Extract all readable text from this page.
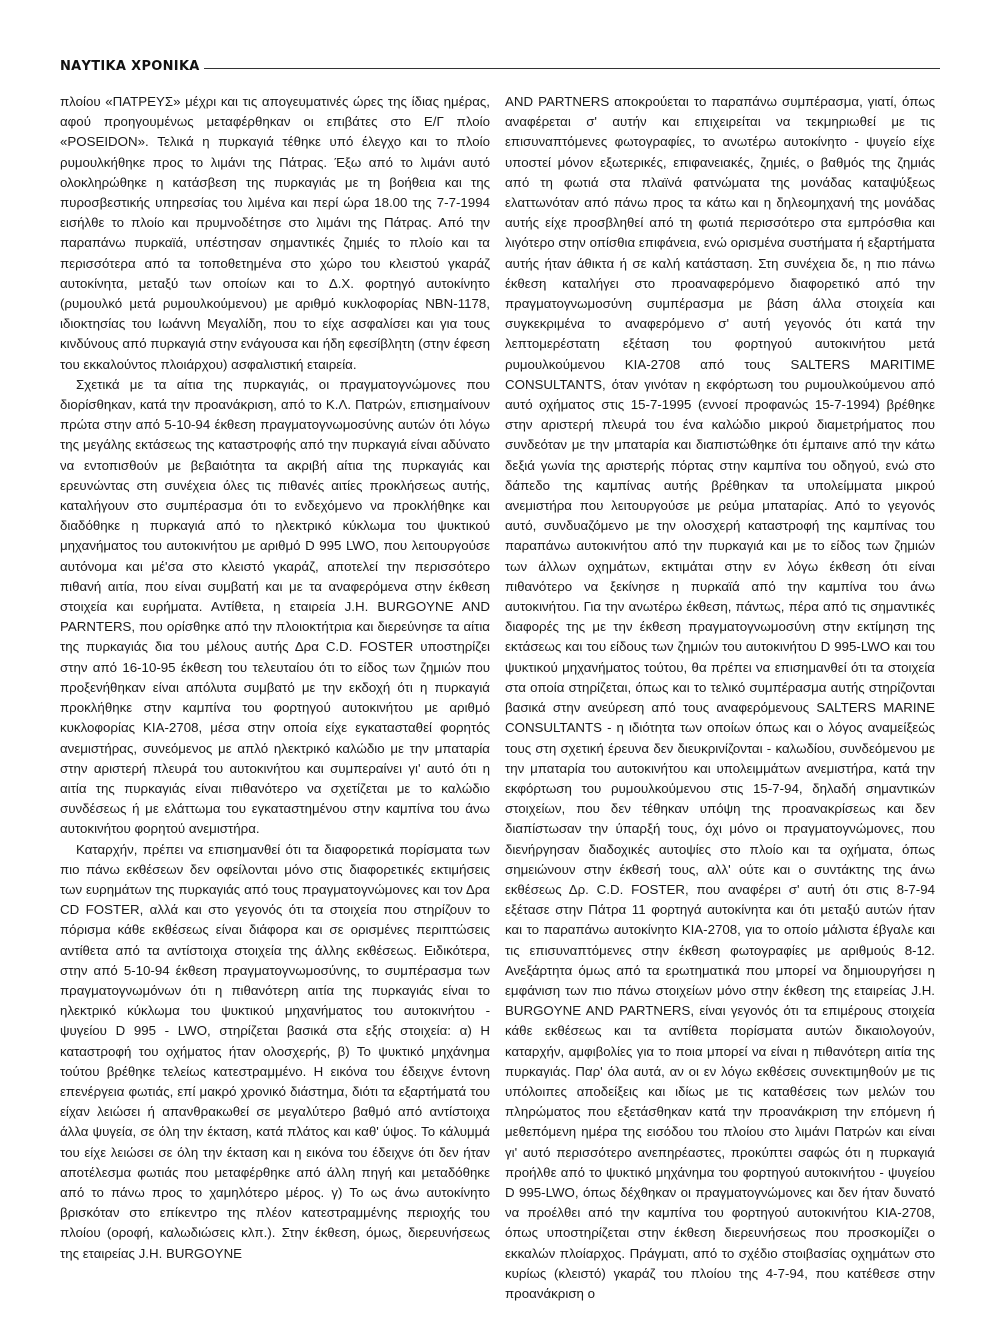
ΝΑΥΤΙΚΑ ΧΡΟΝΙΚΑ

πλοίου «ΠΑΤΡΕΥΣ» μέχρι και τις απογευματινές ώρες της ίδιας ημέρας, αφού προηγουμένως μεταφέρθηκαν οι επιβάτες στο Ε/Γ πλοίο «POSEIDON». Τελικά η πυρκαγιά τέθηκε υπό έλεγχο και το πλοίο ρυμουλκήθηκε προς το λιμάνι της Πάτρας. Έξω από το λιμάνι αυτό ολοκληρώθηκε η κατάσβεση της πυρκαγιάς με τη βοήθεια και της πυροσβεστικής υπηρεσίας του λιμένα και περί ώρα 18.00 της 7-7-1994 εισήλθε το πλοίο και πρυμνοδέτησε στο λιμάνι της Πάτρας. Από την παραπάνω πυρκαϊά, υπέστησαν σημαντικές ζημιές το πλοίο και τα περισσότερα από τα τοποθετημένα στο χώρο του κλειστού γκαράζ αυτοκίνητα, μεταξύ των οποίων και το Δ.Χ. φορτηγό αυτοκίνητο (ρυμουλκό μετά ρυμουλκούμενου) με αριθμό κυκλοφορίας NBN-1178, ιδιοκτησίας του Ιωάννη Μεγαλίδη, που το είχε ασφαλίσει και για τους κινδύνους από πυρκαγιά στην ενάγουσα και ήδη εφεσίβλητη (στην έφεση του εκκαλούντος πλοιάρχου) ασφαλιστική εταιρεία.

Σχετικά με τα αίτια της πυρκαγιάς, οι πραγματογνώμονες που διορίσθηκαν, κατά την προανάκριση, από το Κ.Λ. Πατρών, επισημαίνουν πρώτα στην από 5-10-94 έκθεση πραγματογνωμοσύνης αυτών ότι λόγω της μεγάλης εκτάσεως της καταστροφής από την πυρκαγιά είναι αδύνατο να εντοπισθούν με βεβαιότητα τα ακριβή αίτια της πυρκαγιάς και ερευνώντας στη συνέχεια όλες τις πιθανές αιτίες προκλήσεως αυτής, καταλήγουν στο συμπέρασμα ότι το ενδεχόμενο να προκλήθηκε και διαδόθηκε η πυρκαγιά από το ηλεκτρικό κύκλωμα του ψυκτικού μηχανήματος του αυτοκινήτου με αριθμό D 995 LWO, που λειτουργούσε αυτόνομα και μέ'σα στο κλειστό γκαράζ, αποτελεί την περισσότερο πιθανή αιτία, που είναι συμβατή και με τα αναφερόμενα στην έκθεση στοιχεία και ευρήματα. Αντίθετα, η εταιρεία J.H. BURGOYNE AND PARNTERS, που ορίσθηκε από την πλοιοκτήτρια και διερεύνησε τα αίτια της πυρκαγιάς δια του μέλους αυτής Δρα C.D. FOSTER υποστηρίζει στην από 16-10-95 έκθεση του τελευταίου ότι το είδος των ζημιών που προξενήθηκαν είναι απόλυτα συμβατό με την εκδοχή ότι η πυρκαγιά προκλήθηκε στην καμπίνα του φορτηγού αυτοκινήτου με αριθμό κυκλοφορίας KIA-2708, μέσα στην οποία είχε εγκατασταθεί φορητός ανεμιστήρας, συνεόμενος με απλό ηλεκτρικό καλώδιο με την μπαταρία στην αριστερή πλευρά του αυτοκινήτου και συμπεραίνει γι' αυτό ότι η αιτία της πυρκαγιάς είναι πιθανότερο να σχετίζεται με το καλώδιο συνδέσεως ή με ελάττωμα του εγκαταστημένου στην καμπίνα του άνω αυτοκινήτου φορητού ανεμιστήρα.

Καταρχήν, πρέπει να επισημανθεί ότι τα διαφορετικά πορίσματα των πιο πάνω εκθέσεων δεν οφείλονται μόνο στις διαφορετικές εκτιμήσεις των ευρημάτων της πυρκαγιάς από τους πραγματογνώμονες και τον Δρα CD FOSTER, αλλά και στο γεγονός ότι τα στοιχεία που στηρίζουν το πόρισμα κάθε εκθέσεως είναι διάφορα και σε ορισμένες περιπτώσεις αντίθετα από τα αντίστοιχα στοιχεία της άλλης εκθέσεως. Ειδικότερα, στην από 5-10-94 έκθεση πραγματογνωμοσύνης, το συμπέρασμα των πραγματογνωμόνων ότι η πιθανότερη αιτία της πυρκαγιάς είναι το ηλεκτρικό κύκλωμα του ψυκτικού μηχανήματος του αυτοκινήτου - ψυγείου D 995 - LWO, στηρίζεται βασικά στα εξής στοιχεία: α) Η καταστροφή του οχήματος ήταν ολοσχερής, β) Το ψυκτικό μηχάνημα τούτου βρέθηκε τελείως κατεστραμμένο. Η εικόνα του έδειχνε έντονη επενέργεια φωτιάς, επί μακρό χρονικό διάστημα, διότι τα εξαρτήματά του είχαν λειώσει ή απανθρακωθεί σε μεγαλύτερο βαθμό από αντίστοιχα άλλα ψυγεία, σε όλη την έκταση, κατά πλάτος και καθ' ύψος. Το κάλυμμά του είχε λειώσει σε όλη την έκταση και η εικόνα του έδειχνε ότι δεν ήταν αποτέλεσμα φωτιάς που μεταφέρθηκε από άλλη πηγή και μεταδόθηκε από το πάνω προς το χαμηλότερο μέρος. γ) Το ως άνω αυτοκίνητο βρισκόταν στο επίκεντρο της πλέον κατεστραμμένης περιοχής του πλοίου (οροφή, καλωδιώσεις κλπ.). Στην έκθεση, όμως, διερευνήσεως της εταιρείας J.H. BURGOYNE

AND PARTNERS αποκρούεται το παραπάνω συμπέρασμα, γιατί, όπως αναφέρεται σ' αυτήν και επιχειρείται να τεκμηριωθεί με τις επισυναπτόμενες φωτογραφίες, το ανωτέρω αυτοκίνητο - ψυγείο είχε υποστεί μόνον εξωτερικές, επιφανειακές, ζημιές, ο βαθμός της ζημιάς από τη φωτιά στα πλαϊνά φατνώματα της μονάδας καταψύξεως ελαττωνόταν από πάνω προς τα κάτω και η δηλεομηχανή της μονάδας αυτής είχε προσβληθεί από τη φωτιά περισσότερο στα εμπρόσθια και λιγότερο στην οπίσθια επιφάνεια, ενώ ορισμένα συστήματα ή εξαρτήματα αυτής ήταν άθικτα ή σε καλή κατάσταση. Στη συνέχεια δε, η πιο πάνω έκθεση καταλήγει στο προαναφερόμενο διαφορετικό από την πραγματογνωμοσύνη συμπέρασμα με βάση άλλα στοιχεία και συγκεκριμένα το αναφερόμενο σ' αυτή γεγονός ότι κατά την λεπτομερέστατη εξέταση του φορτηγού αυτοκινήτου μετά ρυμουλκούμενου KIA-2708 από τους SALTERS MARITIME CONSULTANTS, όταν γινόταν η εκφόρτωση του ρυμουλκούμενου από αυτό οχήματος στις 15-7-1995 (εννοεί προφανώς 15-7-1994) βρέθηκε στην αριστερή πλευρά του ένα καλώδιο μικρού διαμετρήματος που συνδεόταν με την μπαταρία και διαπιστώθηκε ότι έμπαινε από την κάτω δεξιά γωνία της αριστερής πόρτας στην καμπίνα του οδηγού, ενώ στο δάπεδο της καμπίνας αυτής βρέθηκαν τα υπολείμματα μικρού ανεμιστήρα που λειτουργούσε με ρεύμα μπαταρίας. Από το γεγονός αυτό, συνδυαζόμενο με την ολοσχερή καταστροφή της καμπίνας του παραπάνω αυτοκινήτου από την πυρκαγιά και με το είδος των ζημιών των άλλων οχημάτων, εκτιμάται στην εν λόγω έκθεση ότι είναι πιθανότερο να ξεκίνησε η πυρκαϊά από την καμπίνα του άνω αυτοκινήτου. Για την ανωτέρω έκθεση, πάντως, πέρα από τις σημαντικές διαφορές της με την έκθεση πραγματογνωμοσύνη στην εκτίμηση της εκτάσεως και του είδους των ζημιών του αυτοκινήτου D 995-LWO και του ψυκτικού μηχανήματος τούτου, θα πρέπει να επισημανθεί ότι τα στοιχεία στα οποία στηρίζεται, όπως και το τελικό συμπέρασμα αυτής στηρίζονται βασικά στην ανεύρεση από τους αναφερόμενους SALTERS MARINE CONSULTANTS - η ιδιότητα των οποίων όπως και ο λόγος αναμείξεώς τους στη σχετική έρευνα δεν διευκρινίζονται - καλωδίου, συνδεόμενου με την μπαταρία του αυτοκινήτου και υπολειμμάτων ανεμιστήρα, κατά την εκφόρτωση του ρυμουλκούμενου στις 15-7-94, δηλαδή σημαντικών στοιχείων, που δεν τέθηκαν υπόψη της προανακρίσεως και δεν διαπίστωσαν την ύπαρξή τους, όχι μόνο οι πραγματογνώμονες, που διενήργησαν διαδοχικές αυτοψίες στο πλοίο και τα οχήματα, όπως σημειώνουν στην έκθεσή τους, αλλ' ούτε και ο συντάκτης της άνω εκθέσεως Δρ. C.D. FOSTER, που αναφέρει σ' αυτή ότι στις 8-7-94 εξέτασε στην Πάτρα 11 φορτηγά αυτοκίνητα και ότι μεταξύ αυτών ήταν και το παραπάνω αυτοκίνητο KIA-2708, για το οποίο μάλιστα έβγαλε και τις επισυναπτόμενες στην έκθεση φωτογραφίες με αριθμούς 8-12. Ανεξάρτητα όμως από τα ερωτηματικά που μπορεί να δημιουργήσει η εμφάνιση των πιο πάνω στοιχείων μόνο στην έκθεση της εταιρείας J.H. BURGOYNE AND PARTNERS, είναι γεγονός ότι τα επιμέρους στοιχεία κάθε εκθέσεως και τα αντίθετα πορίσματα αυτών δικαιολογούν, καταρχήν, αμφιβολίες για το ποια μπορεί να είναι η πιθανότερη αιτία της πυρκαγιάς. Παρ' όλα αυτά, αν οι εν λόγω εκθέσεις συνεκτιμηθούν με τις υπόλοιπες αποδείξεις και ιδίως με τις καταθέσεις των μελών του πληρώματος που εξετάσθηκαν κατά την προανάκριση την επόμενη ή μεθεπόμενη ημέρα της εισόδου του πλοίου στο λιμάνι Πατρών και είναι γι' αυτό περισσότερο ανεπηρέαστες, προκύπτει σαφώς ότι η πυρκαγιά προήλθε από το ψυκτικό μηχάνημα του φορτηγού αυτοκινήτου - ψυγείου D 995-LWO, όπως δέχθηκαν οι πραγματογνώμονες και δεν ήταν δυνατό να προέλθει από την καμπίνα του φορτηγού αυτοκινήτου KIA-2708, όπως υποστηρίζεται στην έκθεση διερευνήσεως που προσκομίζει ο εκκαλών πλοίαρχος. Πράγματι, από το σχέδιο στοιβασίας οχημάτων στο κυρίως (κλειστό) γκαράζ του πλοίου της 4-7-94, που κατέθεσε στην προανάκριση ο
